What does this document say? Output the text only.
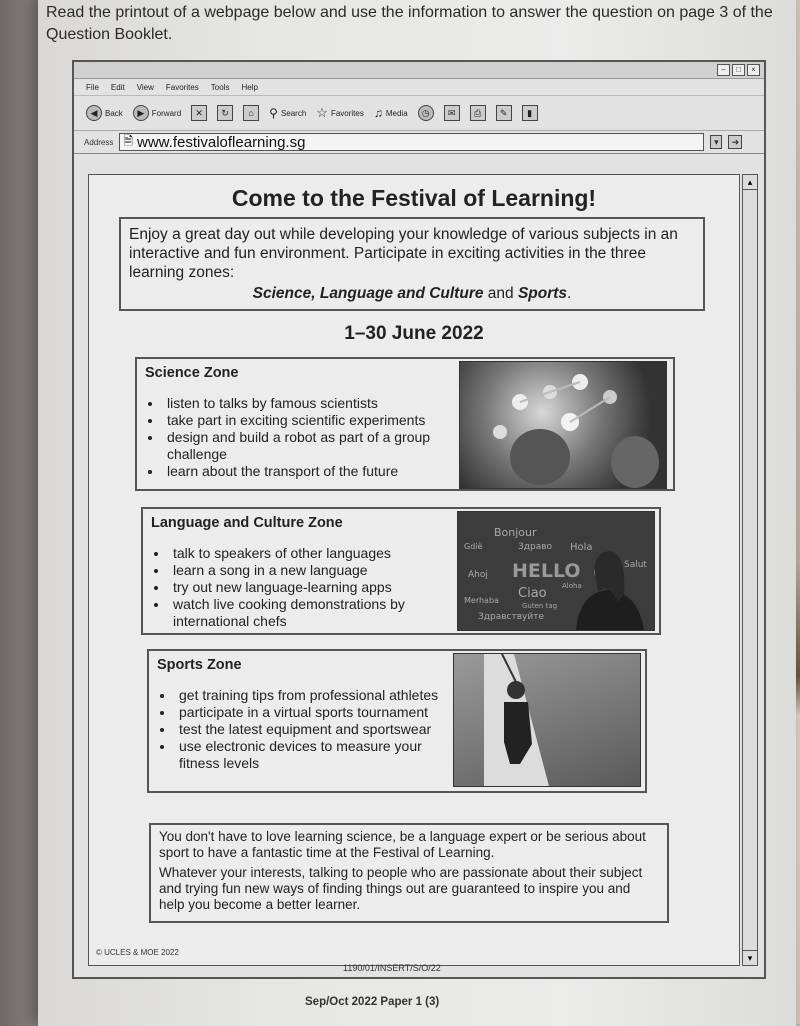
Read the printout of a webpage below and use the information to answer the question on page 3 of the Question Booklet.
–	□	×
File Edit View Favorites Tools Help
◀ Back	▶ Forward	✕	↻	⌂	⚲ Search ☆ Favorites ♫ Media	◷	✉	⎙	✎	▮
Address 🗎 www.festivaloflearning.sg	▾	➜
▴
▾
Come to the Festival of Learning!
Enjoy a great day out while developing your knowledge of various subjects in an interactive and fun environment. Participate in exciting activities in the three learning zones:
Science, Language and Culture and Sports.
1–30 June 2022
Science Zone
• listen to talks by famous scientists
• take part in exciting scientific experiments
• design and build a robot as part of a group challenge
• learn about the transport of the future
Language and Culture Zone
• talk to speakers of other languages
• learn a song in a new language
• try out new language-learning apps
• watch live cooking demonstrations by international chefs
Bonjour
Hola
Здраво
HELLO
Ciao
Ahoj
Aloha
Salut
Guten tag
Здравствуйте
Merhaba
Gdiè
Sports Zone
• get training tips from professional athletes
• participate in a virtual sports tournament
• test the latest equipment and sportswear
• use electronic devices to measure your fitness levels

You don't have to love learning science, be a language expert or be serious about sport to have a fantastic time at the Festival of Learning.

Whatever your interests, talking to people who are passionate about their subject and trying fun new ways of finding things out are guaranteed to inspire you and help you become a better learner.

© UCLES & MOE 2022
1190/01/INSERT/S/O/22
Sep/Oct 2022 Paper 1 (3)
